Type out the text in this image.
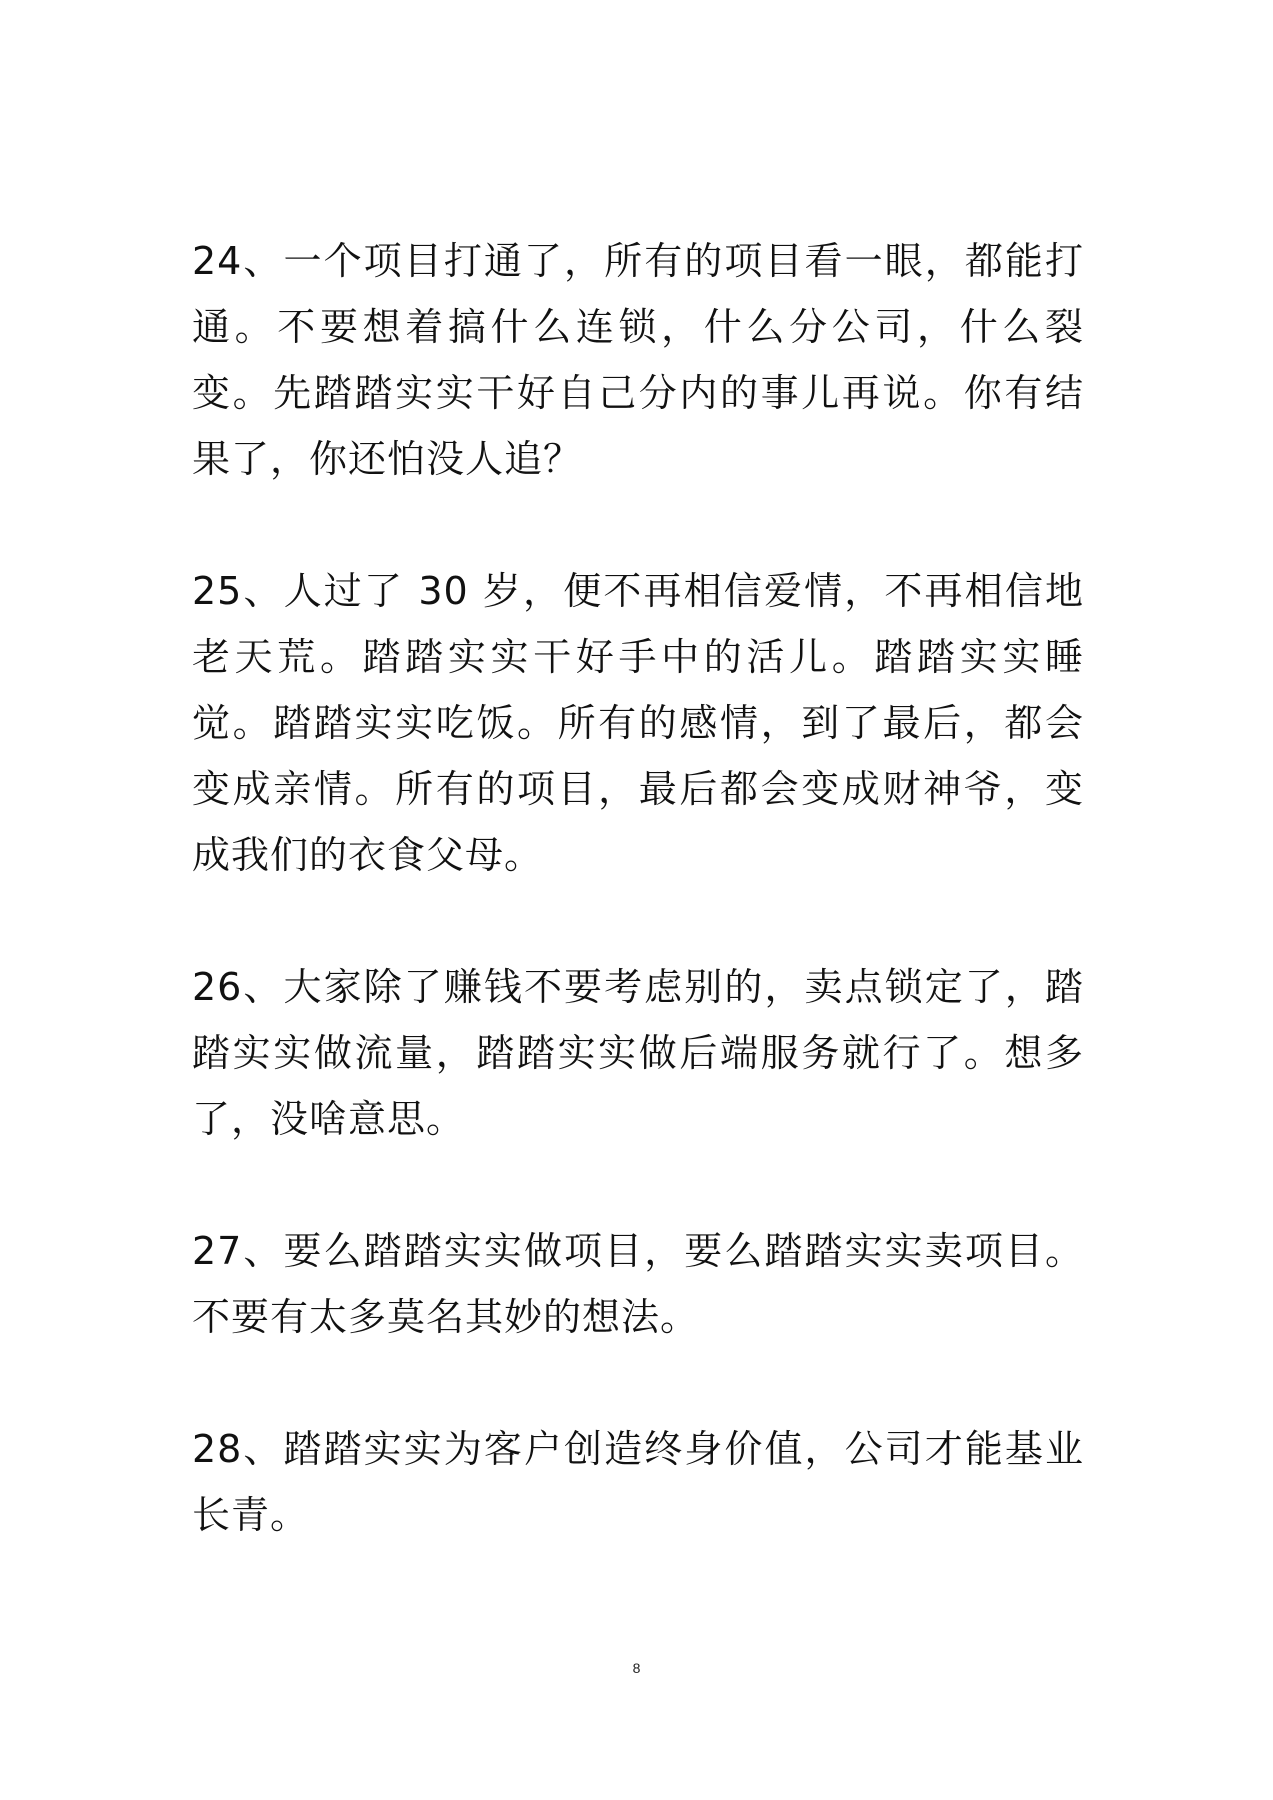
24、一个项目打通了，所有的项目看一眼，都能打通。不要想着搞什么连锁，什么分公司，什么裂变。先踏踏实实干好自己分内的事儿再说。你有结果了，你还怕没人追？

25、人过了 30 岁，便不再相信爱情，不再相信地老天荒。踏踏实实干好手中的活儿。踏踏实实睡觉。踏踏实实吃饭。所有的感情，到了最后，都会变成亲情。所有的项目，最后都会变成财神爷，变成我们的衣食父母。

26、大家除了赚钱不要考虑别的，卖点锁定了，踏踏实实做流量，踏踏实实做后端服务就行了。想多了，没啥意思。

27、要么踏踏实实做项目，要么踏踏实实卖项目。不要有太多莫名其妙的想法。

28、踏踏实实为客户创造终身价值，公司才能基业长青。

8
